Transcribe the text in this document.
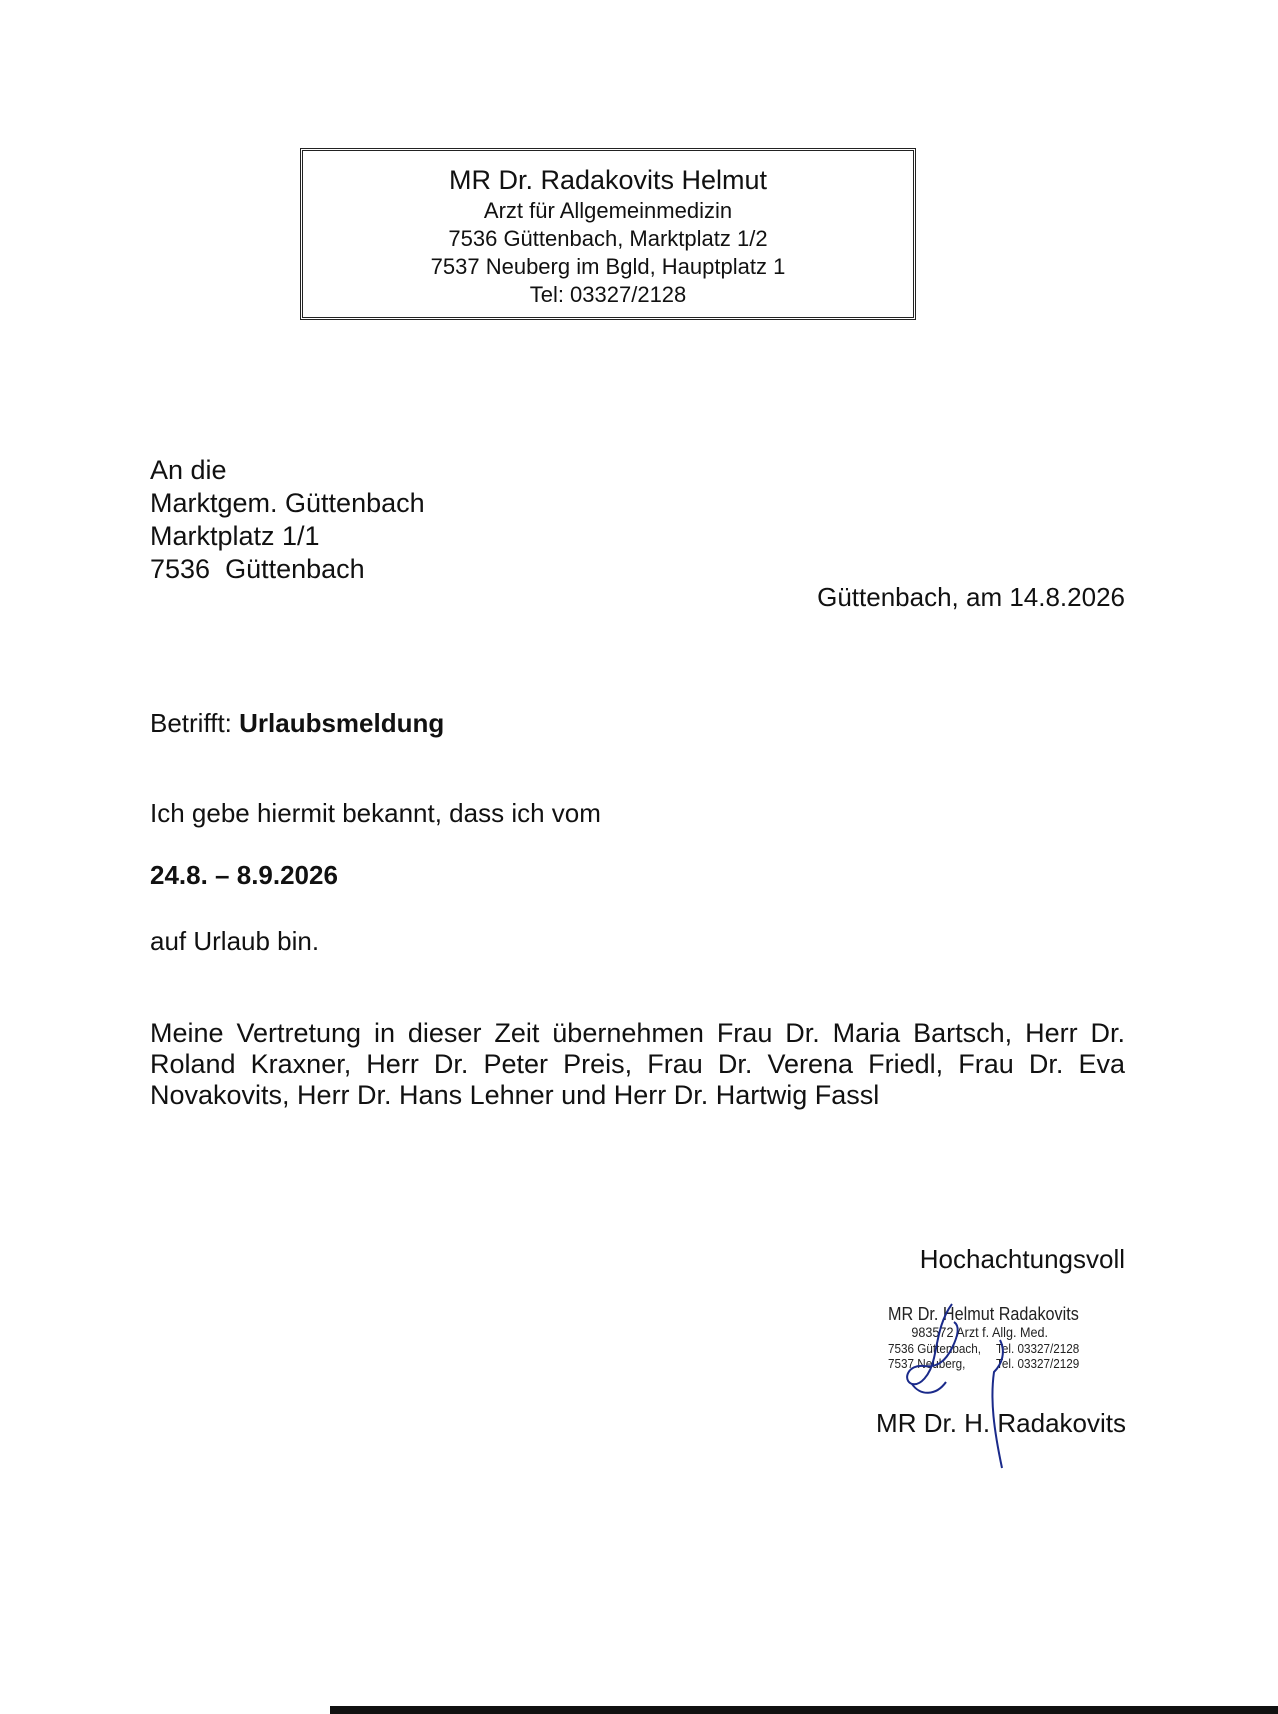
MR Dr. Radakovits Helmut
Arzt für Allgemeinmedizin
7536 Güttenbach, Marktplatz 1/2
7537 Neuberg im Bgld, Hauptplatz 1
Tel: 03327/2128
An die
Marktgem. Güttenbach
Marktplatz 1/1
7536  Güttenbach
Güttenbach, am 14.8.2026
Betrifft: Urlaubsmeldung
Ich gebe hiermit bekannt, dass ich vom
24.8. – 8.9.2026
auf Urlaub bin.
Meine Vertretung in dieser Zeit übernehmen Frau Dr. Maria Bartsch, Herr Dr. Roland Kraxner, Herr Dr. Peter Preis, Frau Dr. Verena Friedl, Frau Dr. Eva Novakovits, Herr Dr. Hans Lehner und Herr Dr. Hartwig Fassl
Hochachtungsvoll
MR Dr. Helmut Radakovits
983572 Arzt f. Allg. Med.
7536 Güttenbach,	Tel. 03327/2128
7537 Neuberg,	Tel. 03327/2129
MR Dr. H. Radakovits
